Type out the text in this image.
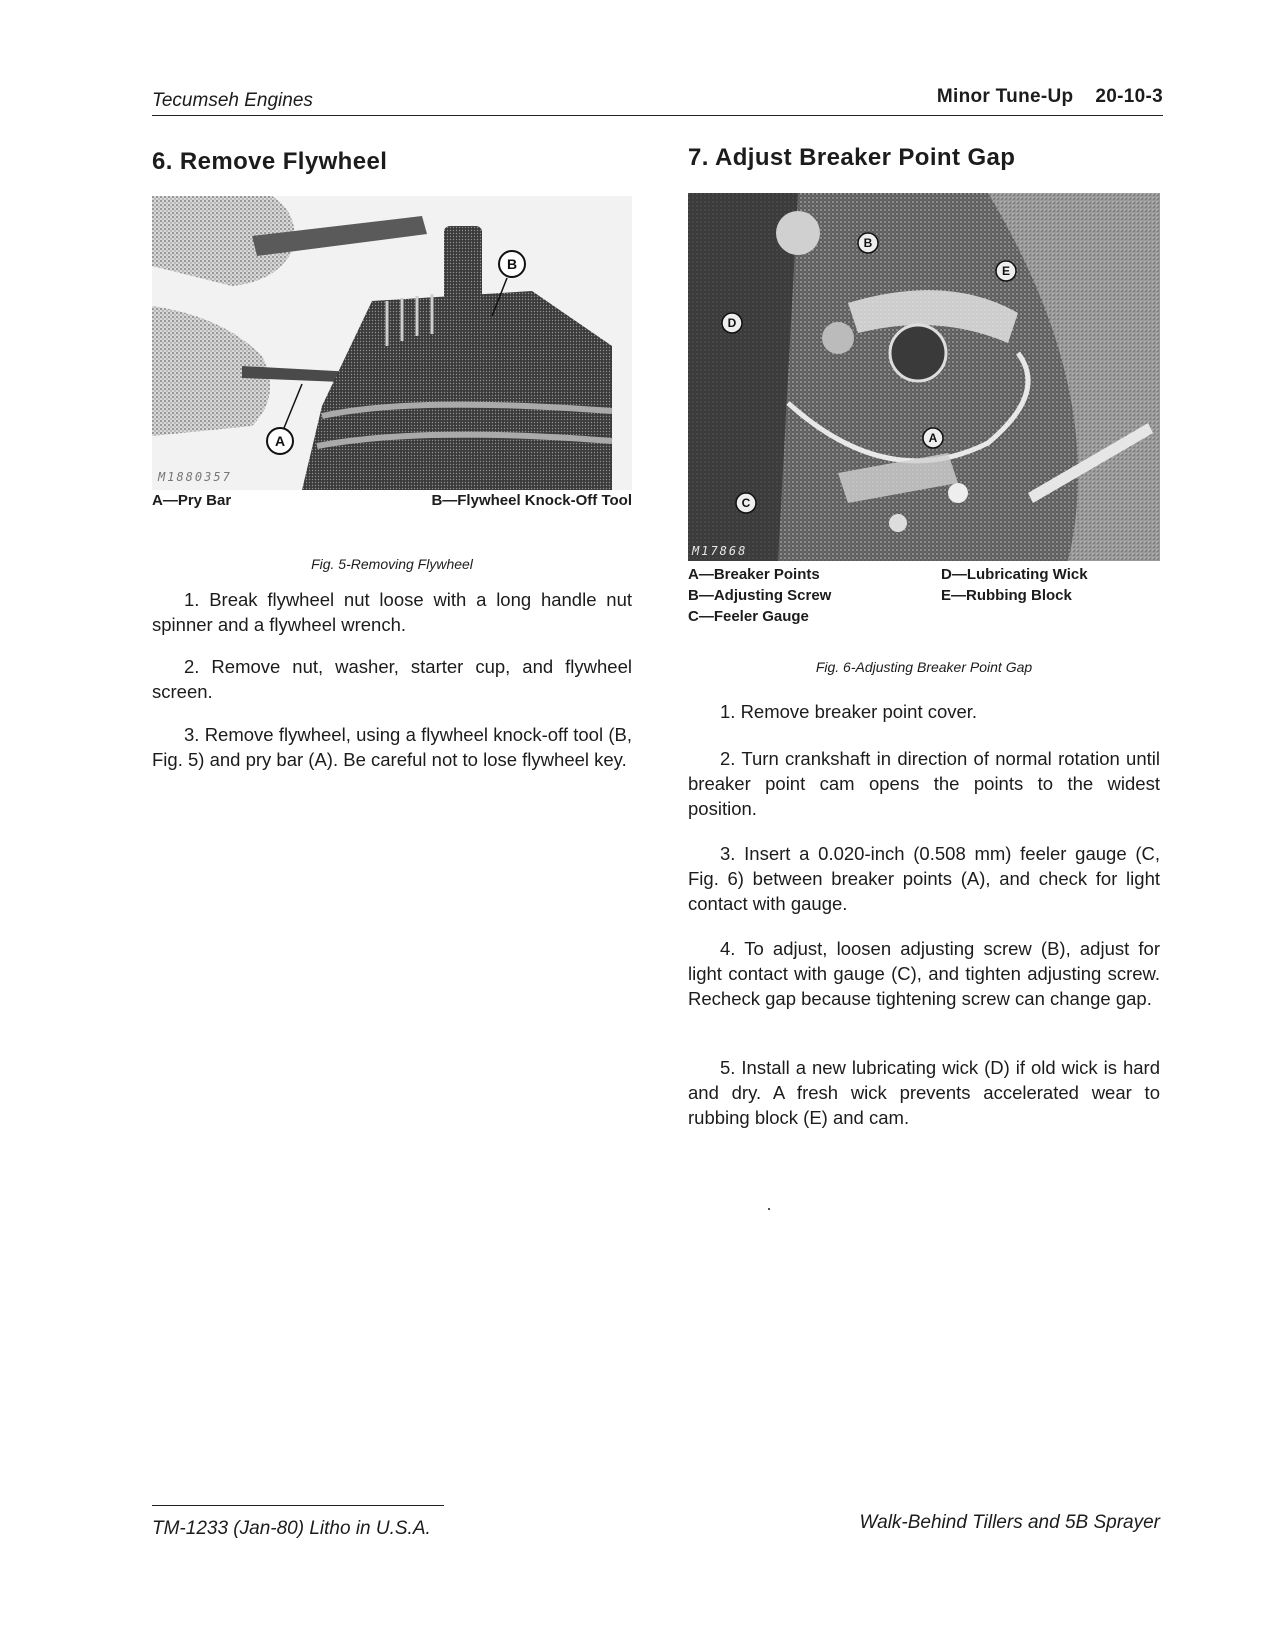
Tecumseh Engines	Minor Tune-Up 20-10-3
6. Remove Flywheel
B
A
M1880357
A—Pry Bar	B—Flywheel Knock-Off Tool
Fig. 5-Removing Flywheel

1. Break flywheel nut loose with a long handle nut spinner and a flywheel wrench.

2. Remove nut, washer, starter cup, and flywheel screen.

3. Remove flywheel, using a flywheel knock-off tool (B, Fig. 5) and pry bar (A). Be careful not to lose flywheel key.

7. Adjust Breaker Point Gap
B
E
D
A
C
M17868
A—Breaker Points
B—Adjusting Screw
C—Feeler Gauge
D—Lubricating Wick
E—Rubbing Block
Fig. 6-Adjusting Breaker Point Gap

1. Remove breaker point cover.

2. Turn crankshaft in direction of normal rotation until breaker point cam opens the points to the widest position.

3. Insert a 0.020-inch (0.508 mm) feeler gauge (C, Fig. 6) between breaker points (A), and check for light contact with gauge.

4. To adjust, loosen adjusting screw (B), adjust for light contact with gauge (C), and tighten adjusting screw. Recheck gap because tightening screw can change gap.

5. Install a new lubricating wick (D) if old wick is hard and dry. A fresh wick prevents accelerated wear to rubbing block (E) and cam.

TM-1233 (Jan-80) Litho in U.S.A.	Walk-Behind Tillers and 5B Sprayer
